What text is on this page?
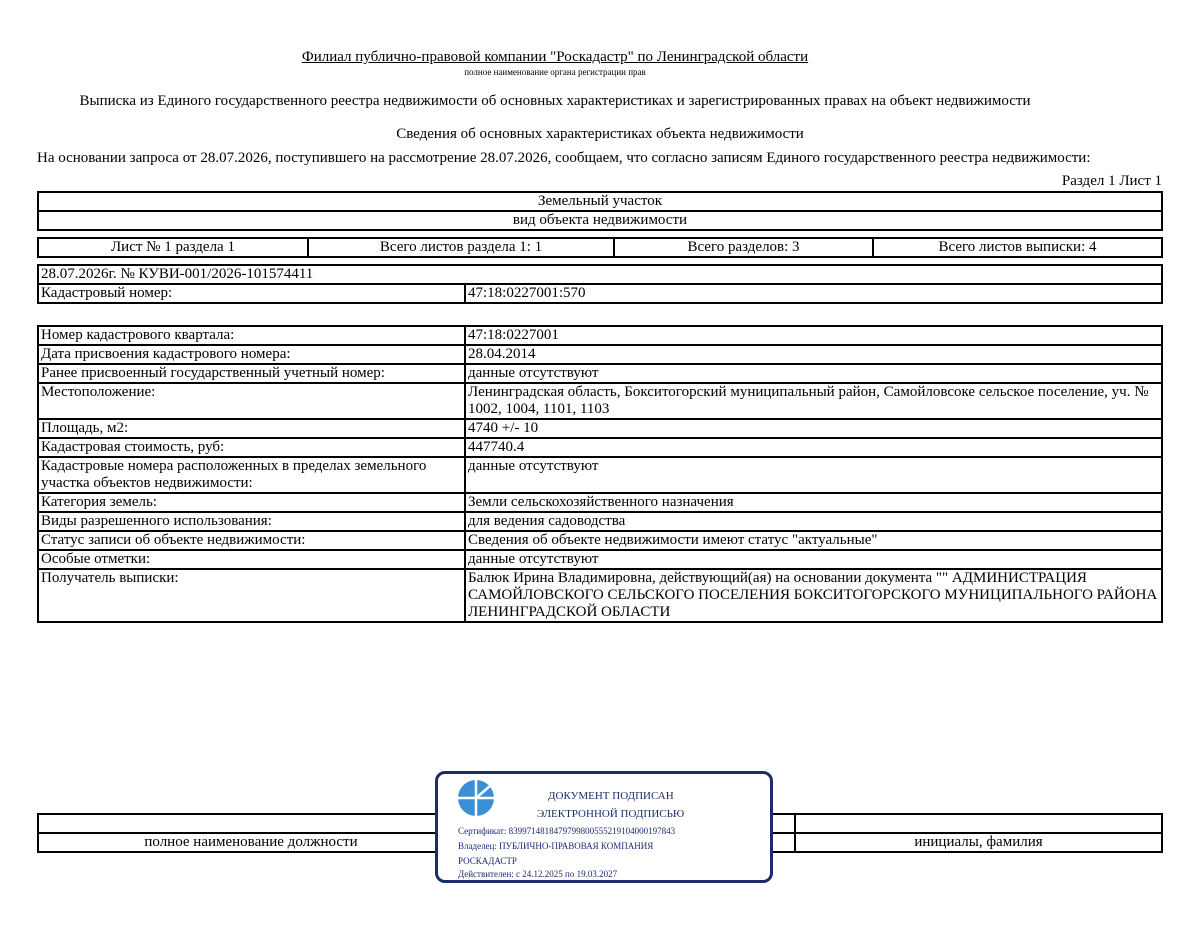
Филиал публично-правовой компании "Роскадастр" по Ленинградской области
полное наименование органа регистрации прав
Выписка из Единого государственного реестра недвижимости об основных характеристиках и зарегистрированных правах на объект недвижимости
Сведения об основных характеристиках объекта недвижимости
На основании запроса от 28.07.2026, поступившего на рассмотрение 28.07.2026, сообщаем, что согласно записям Единого государственного реестра недвижимости:
Раздел 1 Лист 1
Земельный участок
вид объекта недвижимости
Лист № 1 раздела 1	Всего листов раздела 1: 1	Всего разделов: 3	Всего листов выписки: 4
28.07.2026г. № КУВИ-001/2026-101574411
Кадастровый номер:	47:18:0227001:570
Номер кадастрового квартала:	47:18:0227001
Дата присвоения кадастрового номера:	28.04.2014
Ранее присвоенный государственный учетный номер:	данные отсутствуют
Местоположение:	Ленинградская область, Бокситогорский муниципальный район, Самойловсоке сельское поселение, уч. № 1002, 1004, 1101, 1103
Площадь, м2:	4740 +/- 10
Кадастровая стоимость, руб:	447740.4
Кадастровые номера расположенных в пределах земельного участка объектов недвижимости:	данные отсутствуют
Категория земель:	Земли сельскохозяйственного назначения
Виды разрешенного использования:	для ведения садоводства
Статус записи об объекте недвижимости:	Сведения об объекте недвижимости имеют статус "актуальные"
Особые отметки:	данные отсутствуют
Получатель выписки:	Балюк Ирина Владимировна, действующий(ая) на основании документа "" АДМИНИСТРАЦИЯ САМОЙЛОВСКОГО СЕЛЬСКОГО ПОСЕЛЕНИЯ БОКСИТОГОРСКОГО МУНИЦИПАЛЬНОГО РАЙОНА ЛЕНИНГРАДСКОЙ ОБЛАСТИ

полное наименование должности		инициалы, фамилия
ДОКУМЕНТ ПОДПИСАН
ЭЛЕКТРОННОЙ ПОДПИСЬЮ
Сертификат: 8399714818479799800555219104000197843
Владелец: ПУБЛИЧНО-ПРАВОВАЯ КОМПАНИЯ
РОСКАДАСТР
Действителен: с 24.12.2025 по 19.03.2027
